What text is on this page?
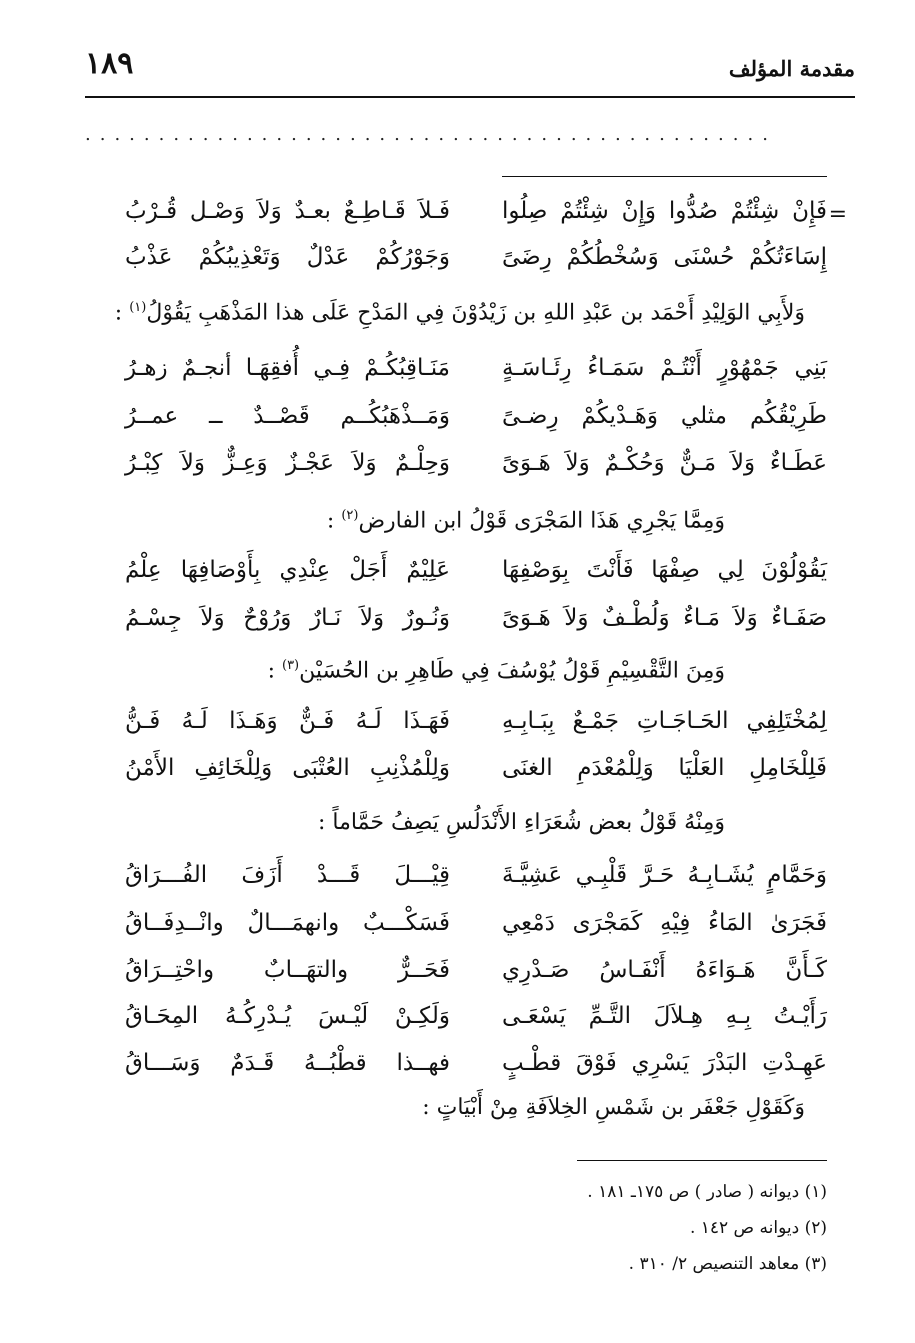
١٨٩	مقدمة المؤلف
...............................................
=
فَإِنْ شِئْتُمْ صُدُّوا وَإِنْ شِئْتُمْ صِلُوا
فَـلاَ قَـاطِـعٌ بعـدٌ وَلاَ وَصْـل قُـرْبُ
إِسَاءَتُكُمْ حُسْنَى وَسُخْطُكُمْ رِضَىً
وَجَوْرُكُمْ عَدْلٌ وَتَعْذِيبُكُمْ عَذْبُ
وَلأَبِي الوَلِيْدِ أَحْمَد بن عَبْدِ اللهِ بن زَيْدُوْنَ فِي المَدْحِ عَلَى هذا المَذْهَبِ يَقُوْلُ$^{(١)}$ :
بَنِي جَمْهُوْرٍ أَنْتُـمْ سَمَـاءُ رِئَـاسَـةٍ
مَنَـاقِبُكُـمْ فِـي أُفقِهَـا أنجـمٌ زهـرُ
طَرِيْقُكُم مثلي وَهَـدْيكُمْ رِضـىً
وَمَــذْهَبُكُــم قَصْــدٌ ــ عمــرُ
عَطَـاءٌ وَلاَ مَـنٌّ وَحُكْـمٌ وَلاَ هَـوَىً
وَحِلْـمٌ وَلاَ عَجْـزٌ وَعِـزٌّ وَلاَ كِبْـرُ
وَمِمَّا يَجْرِي هَذَا المَجْرَى قَوْلُ ابن الفارض$^{(٢)}$ :
يَقُوْلُوْنَ لِي صِفْهَا فَأَنْتَ بِوَصْفِهَا
عَلِيْمٌ أَجَلْ عِنْدِي بِأَوْصَافِهَا عِلْمُ
صَفَـاءٌ وَلاَ مَـاءٌ وَلُطْـفٌ وَلاَ هَـوَىً
وَنُـورٌ وَلاَ نَـارٌ وَرُوْحٌ وَلاَ جِسْـمُ
وَمِنَ التَّقْسِيْمِ قَوْلُ يُوْسُفَ فِي طَاهِرِ بن الحُسَيْن$^{(٣)}$ :
لِمُخْتَلِفِي الحَـاجَـاتِ جَمْـعٌ بِبَـابِـهِ
فَهَـذَا لَـهُ فَـنٌّ وَهَـذَا لَـهُ فَـنُّ
فَلِلْخَامِلِ العَلْيَا وَلِلْمُعْدَمِ الغنَى
وَلِلْمُذْنِبِ العُتْبَى وَلِلْخَائِفِ الأَمْنُ
وَمِنْهُ قَوْلُ بعض شُعَرَاءِ الأَنْدَلُسِ يَصِفُ حَمَّاماً :
وَحَمَّامٍ يُشَـابِـهُ حَـرَّ قَلْبِـي عَشِيَّـةَ
قِيْـــلَ قَـــدْ أَزَفَ الفُـــرَاقُ
فَجَرَىٰ المَاءُ فِيْهِ كَمَجْرَى دَمْعِي
فَسَكْـــبٌ وانهمَـــالٌ وانْــدِفَــاقُ
كَـأَنَّ هَـوَاءَهُ أَنْفَـاسُ صَـدْرِي
فَحَــرٌّ والتهَــابٌ واحْتِــرَاقُ
رَأَيْـتُ بِـهِ هِـلاَلَ التَّـمِّ يَسْعَـى
وَلَكِـنْ لَيْـسَ يُـدْرِكُـهُ المِحَـاقُ
عَهِـدْتِ البَدْرَ يَسْرِي فَوْقَ قطْـبٍ
فهــذا قطْبُــهُ قَـدَمٌ وَسَـــاقُ
وَكَقَوْلِ جَعْفَر بن شَمْسِ الخِلاَفَةِ مِنْ أَبْيَاتٍ :
(١) ديوانه ( صادر ) ص ١٧٥ـ ١٨١ .
(٢) ديوانه ص ١٤٢ .
(٣) معاهد التنصيص ٢/ ٣١٠ .
